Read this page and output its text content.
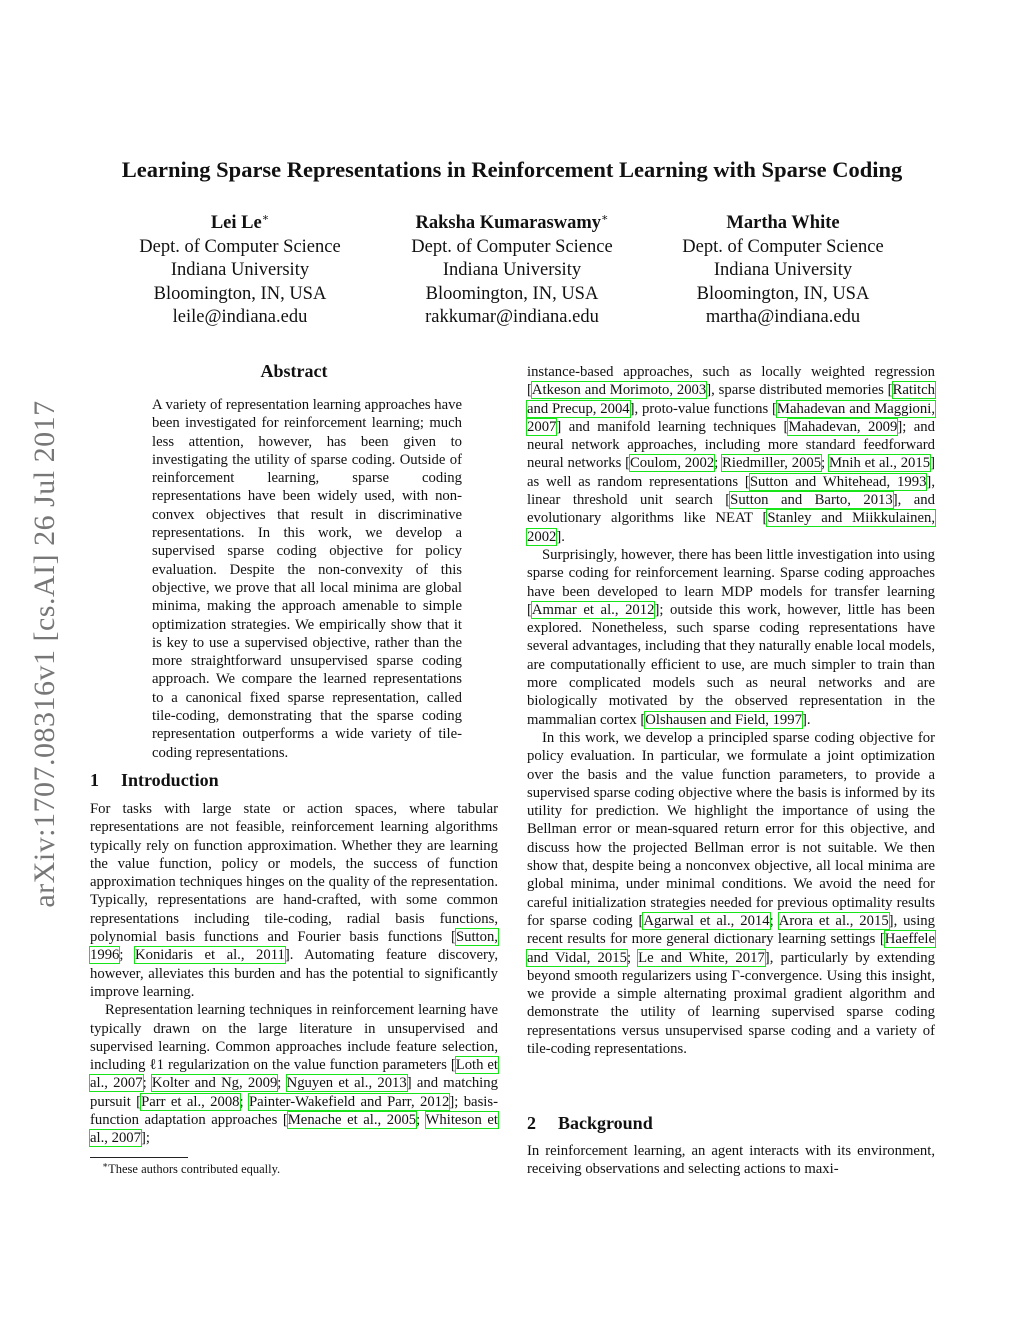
arXiv:1707.08316v1 [cs.AI] 26 Jul 2017
Learning Sparse Representations in Reinforcement Learning with Sparse Coding
Lei Le∗
Dept. of Computer Science
Indiana University
Bloomington, IN, USA
leile@indiana.edu
Raksha Kumaraswamy∗
Dept. of Computer Science
Indiana University
Bloomington, IN, USA
rakkumar@indiana.edu
Martha White
Dept. of Computer Science
Indiana University
Bloomington, IN, USA
martha@indiana.edu
Abstract
A variety of representation learning approaches have been investigated for reinforcement learning; much less attention, however, has been given to investigating the utility of sparse coding. Outside of reinforcement learning, sparse coding representations have been widely used, with non-convex objectives that result in discriminative representations. In this work, we develop a supervised sparse coding objective for policy evaluation. Despite the non-convexity of this objective, we prove that all local minima are global minima, making the approach amenable to simple optimization strategies. We empirically show that it is key to use a supervised objective, rather than the more straightforward unsupervised sparse coding approach. We compare the learned representations to a canonical fixed sparse representation, called tile-coding, demonstrating that the sparse coding representation outperforms a wide variety of tile-coding representations.
1 Introduction

For tasks with large state or action spaces, where tabular representations are not feasible, reinforcement learning algorithms typically rely on function approximation. Whether they are learning the value function, policy or models, the success of function approximation techniques hinges on the quality of the representation. Typically, representations are hand-crafted, with some common representations including tile-coding, radial basis functions, polynomial basis functions and Fourier basis functions [Sutton, 1996; Konidaris et al., 2011]. Automating feature discovery, however, alleviates this burden and has the potential to significantly improve learning.

Representation learning techniques in reinforcement learning have typically drawn on the large literature in unsupervised and supervised learning. Common approaches include feature selection, including ℓ1 regularization on the value function parameters [Loth et al., 2007; Kolter and Ng, 2009; Nguyen et al., 2013] and matching pursuit [Parr et al., 2008; Painter-Wakefield and Parr, 2012]; basis-function adaptation approaches [Menache et al., 2005; Whiteson et al., 2007];

∗These authors contributed equally.

instance-based approaches, such as locally weighted regression [Atkeson and Morimoto, 2003], sparse distributed memories [Ratitch and Precup, 2004], proto-value functions [Mahadevan and Maggioni, 2007] and manifold learning techniques [Mahadevan, 2009]; and neural network approaches, including more standard feedforward neural networks [Coulom, 2002; Riedmiller, 2005; Mnih et al., 2015] as well as random representations [Sutton and Whitehead, 1993], linear threshold unit search [Sutton and Barto, 2013], and evolutionary algorithms like NEAT [Stanley and Miikkulainen, 2002].

Surprisingly, however, there has been little investigation into using sparse coding for reinforcement learning. Sparse coding approaches have been developed to learn MDP models for transfer learning [Ammar et al., 2012]; outside this work, however, little has been explored. Nonetheless, such sparse coding representations have several advantages, including that they naturally enable local models, are computationally efficient to use, are much simpler to train than more complicated models such as neural networks and are biologically motivated by the observed representation in the mammalian cortex [Olshausen and Field, 1997].

In this work, we develop a principled sparse coding objective for policy evaluation. In particular, we formulate a joint optimization over the basis and the value function parameters, to provide a supervised sparse coding objective where the basis is informed by its utility for prediction. We highlight the importance of using the Bellman error or mean-squared return error for this objective, and discuss how the projected Bellman error is not suitable. We then show that, despite being a nonconvex objective, all local minima are global minima, under minimal conditions. We avoid the need for careful initialization strategies needed for previous optimality results for sparse coding [Agarwal et al., 2014; Arora et al., 2015], using recent results for more general dictionary learning settings [Haeffele and Vidal, 2015; Le and White, 2017], particularly by extending beyond smooth regularizers using Γ-convergence. Using this insight, we provide a simple alternating proximal gradient algorithm and demonstrate the utility of learning supervised sparse coding representations versus unsupervised sparse coding and a variety of tile-coding representations.

2 Background

In reinforcement learning, an agent interacts with its environment, receiving observations and selecting actions to maxi-
